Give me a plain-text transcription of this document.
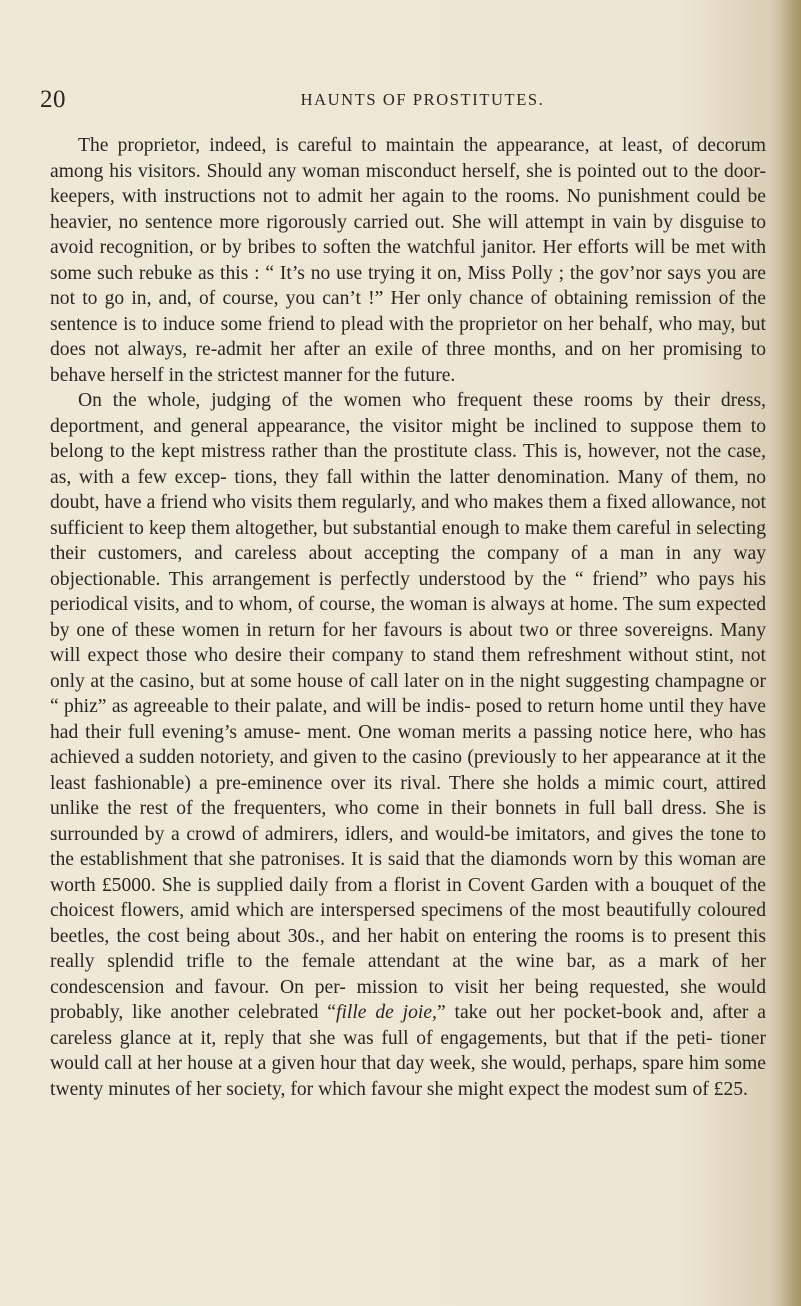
20	HAUNTS OF PROSTITUTES.

The proprietor, indeed, is careful to maintain the appearance, at least, of decorum among his visitors. Should any woman misconduct herself, she is pointed out to the door-keepers, with instructions not to admit her again to the rooms. No punishment could be heavier, no sentence more rigorously carried out. She will attempt in vain by disguise to avoid recognition, or by bribes to soften the watchful janitor. Her efforts will be met with some such rebuke as this : “ It’s no use trying it on, Miss Polly ; the gov’nor says you are not to go in, and, of course, you can’t !” Her only chance of obtaining remission of the sentence is to induce some friend to plead with the proprietor on her behalf, who may, but does not always, re-admit her after an exile of three months, and on her promising to behave herself in the strictest manner for the future.

On the whole, judging of the women who frequent these rooms by their dress, deportment, and general appearance, the visitor might be inclined to suppose them to belong to the kept mistress rather than the prostitute class. This is, however, not the case, as, with a few excep- tions, they fall within the latter denomination. Many of them, no doubt, have a friend who visits them regularly, and who makes them a fixed allowance, not sufficient to keep them altogether, but substantial enough to make them careful in selecting their customers, and careless about accepting the company of a man in any way objectionable. This arrangement is perfectly understood by the “ friend” who pays his periodical visits, and to whom, of course, the woman is always at home. The sum expected by one of these women in return for her favours is about two or three sovereigns. Many will expect those who desire their company to stand them refreshment without stint, not only at the casino, but at some house of call later on in the night suggesting champagne or “ phiz” as agreeable to their palate, and will be indis- posed to return home until they have had their full evening’s amuse- ment. One woman merits a passing notice here, who has achieved a sudden notoriety, and given to the casino (previously to her appearance at it the least fashionable) a pre-eminence over its rival. There she holds a mimic court, attired unlike the rest of the frequenters, who come in their bonnets in full ball dress. She is surrounded by a crowd of admirers, idlers, and would-be imitators, and gives the tone to the establishment that she patronises. It is said that the diamonds worn by this woman are worth £5000. She is supplied daily from a florist in Covent Garden with a bouquet of the choicest flowers, amid which are interspersed specimens of the most beautifully coloured beetles, the cost being about 30s., and her habit on entering the rooms is to present this really splendid trifle to the female attendant at the wine bar, as a mark of her condescension and favour. On per- mission to visit her being requested, she would probably, like another celebrated “fille de joie,” take out her pocket-book and, after a careless glance at it, reply that she was full of engagements, but that if the peti- tioner would call at her house at a given hour that day week, she would, perhaps, spare him some twenty minutes of her society, for which favour she might expect the modest sum of £25.
